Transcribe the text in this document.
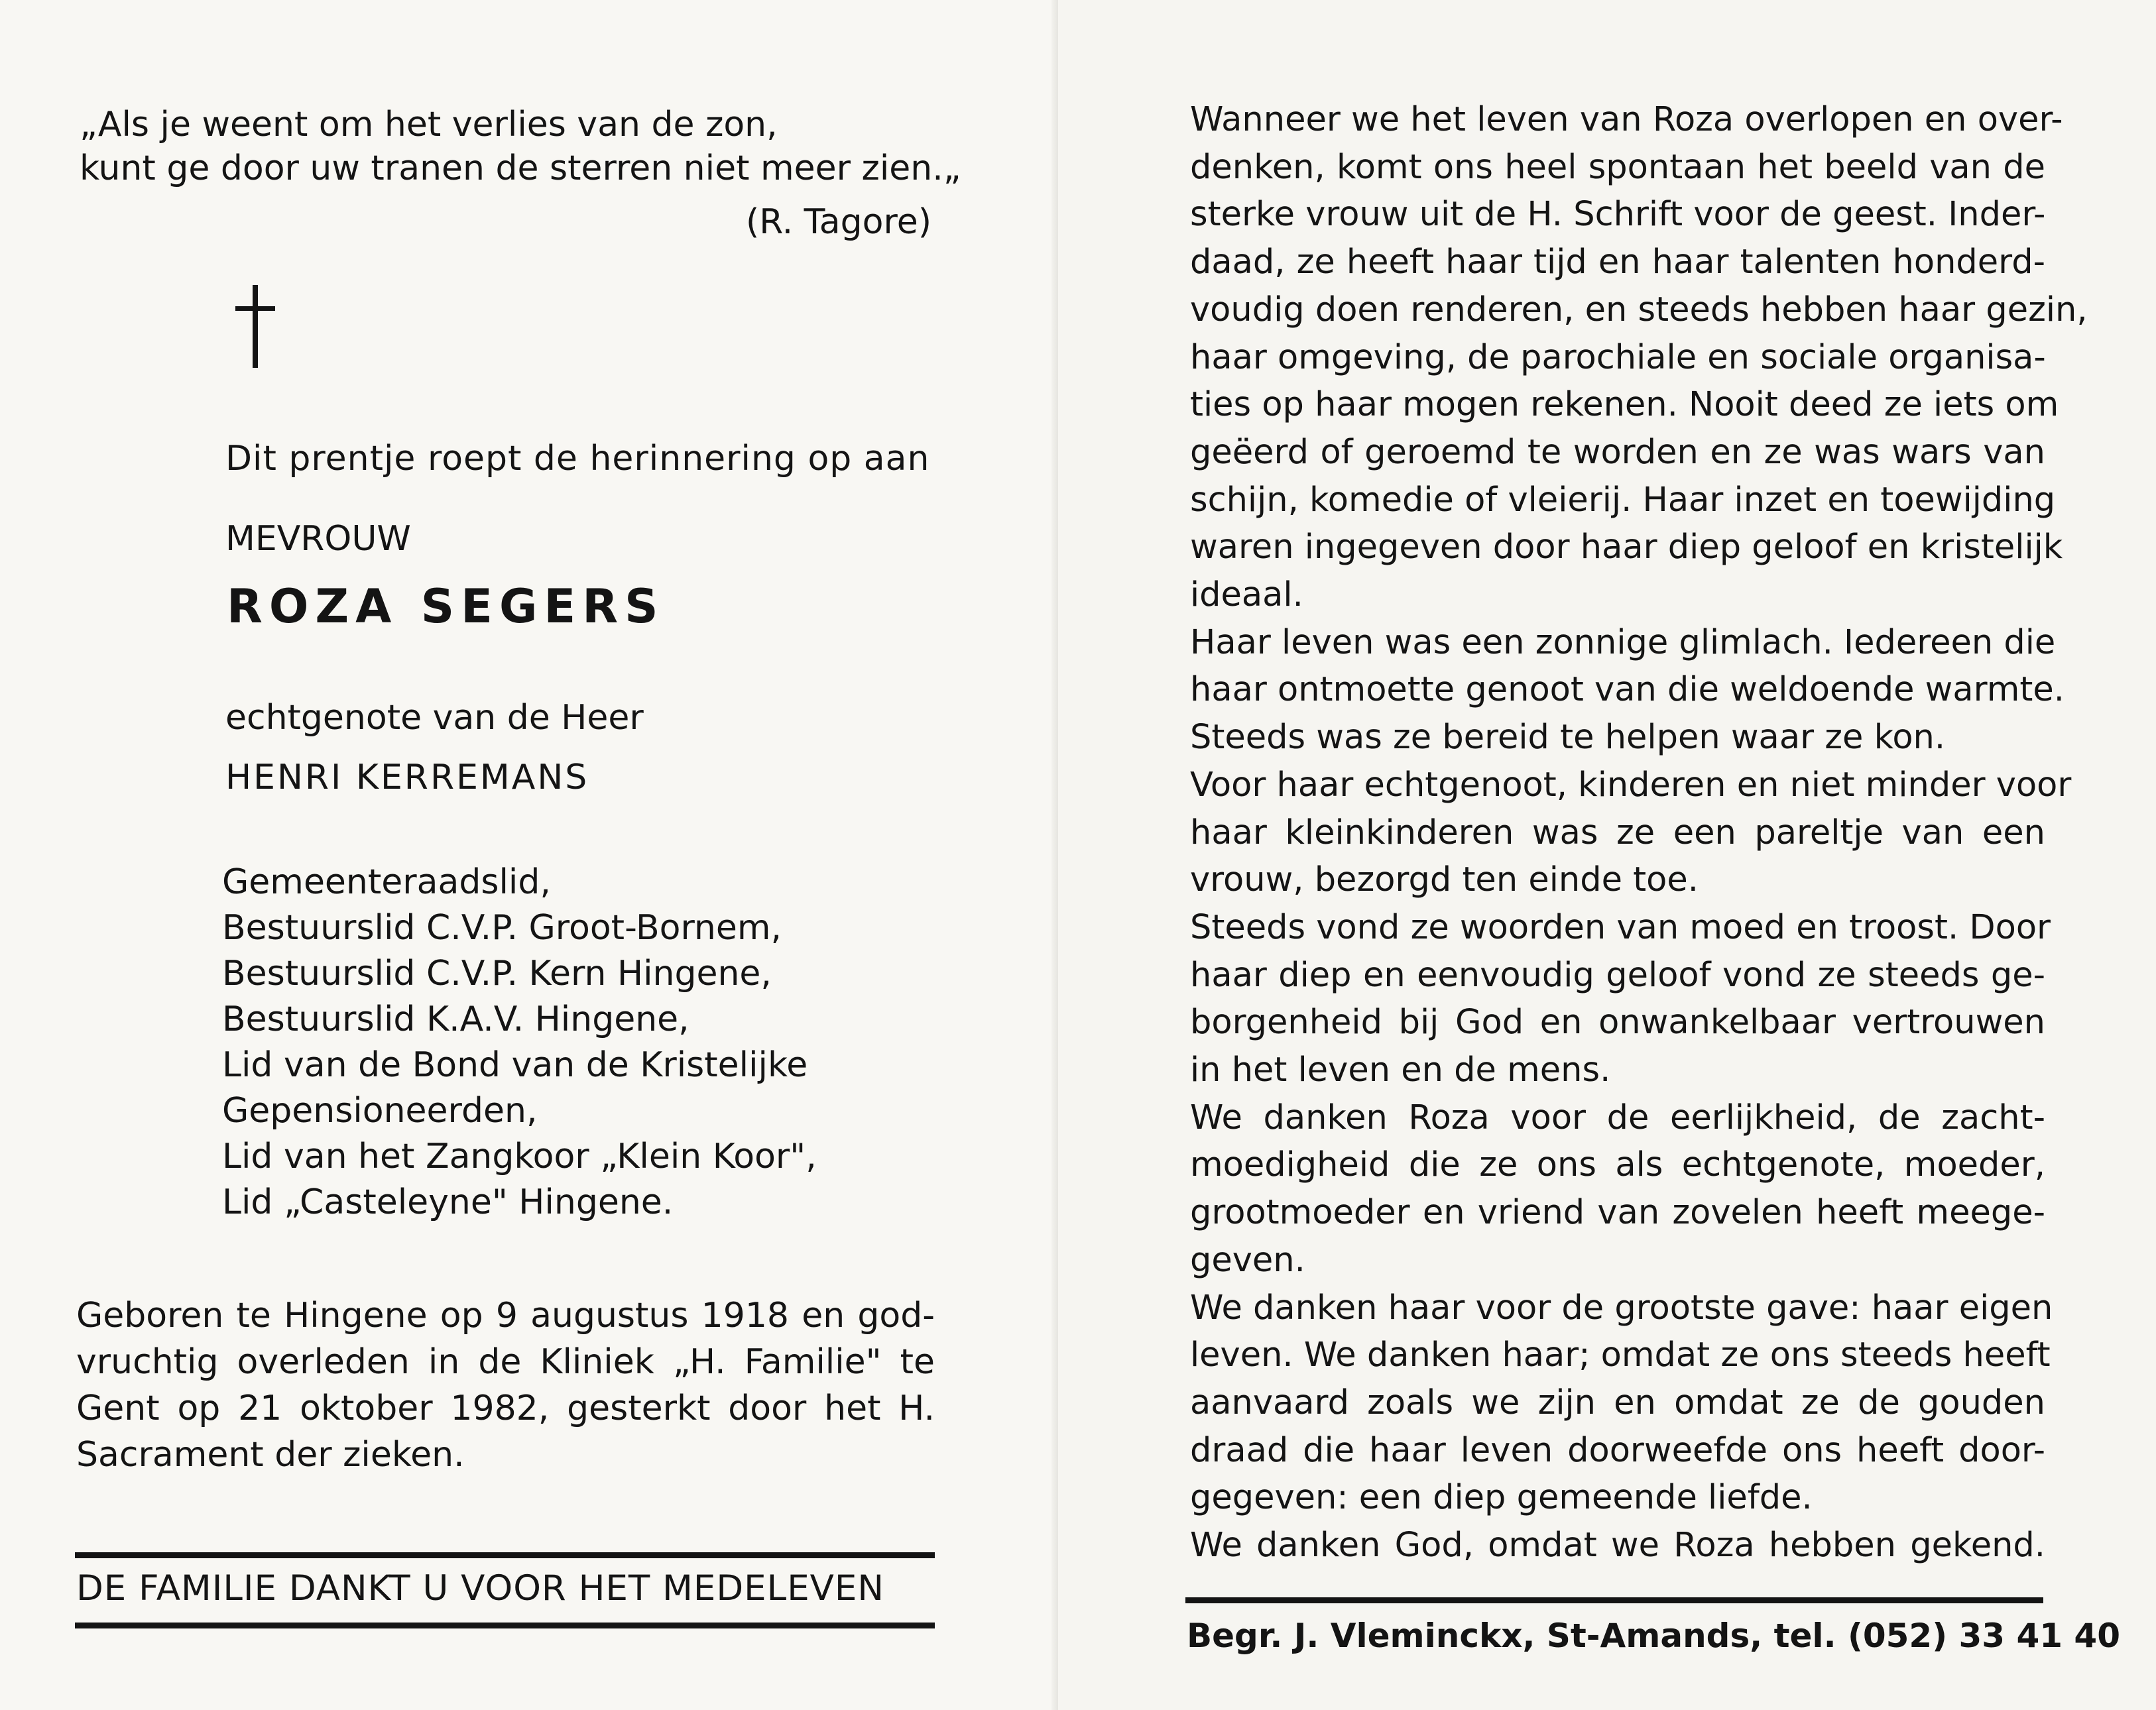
„Als je weent om het verlies van de zon,
kunt ge door uw tranen de sterren niet meer zien.„
(R. Tagore)
Dit prentje roept de herinnering op aan
MEVROUW
ROZA SEGERS
echtgenote van de Heer
HENRI KERREMANS
Gemeenteraadslid,
Bestuurslid C.V.P. Groot-Bornem,
Bestuurslid C.V.P. Kern Hingene,
Bestuurslid K.A.V. Hingene,
Lid van de Bond van de Kristelijke
Gepensioneerden,
Lid van het Zangkoor „Klein Koor",
Lid „Casteleyne" Hingene.
Geboren te Hingene op 9 augustus 1918 en god-
vruchtig overleden in de Kliniek „H. Familie" te
Gent op 21 oktober 1982, gesterkt door het H.
Sacrament der zieken.
DE FAMILIE DANKT U VOOR HET MEDELEVEN
Wanneer we het leven van Roza overlopen en over-
denken, komt ons heel spontaan het beeld van de
sterke vrouw uit de H. Schrift voor de geest. Inder-
daad, ze heeft haar tijd en haar talenten honderd-
voudig doen renderen, en steeds hebben haar gezin,
haar omgeving, de parochiale en sociale organisa-
ties op haar mogen rekenen. Nooit deed ze iets om
geëerd of geroemd te worden en ze was wars van
schijn, komedie of vleierij. Haar inzet en toewijding
waren ingegeven door haar diep geloof en kristelijk
ideaal.
Haar leven was een zonnige glimlach. Iedereen die
haar ontmoette genoot van die weldoende warmte.
Steeds was ze bereid te helpen waar ze kon.
Voor haar echtgenoot, kinderen en niet minder voor
haar kleinkinderen was ze een pareltje van een
vrouw, bezorgd ten einde toe.
Steeds vond ze woorden van moed en troost. Door
haar diep en eenvoudig geloof vond ze steeds ge-
borgenheid bij God en onwankelbaar vertrouwen
in het leven en de mens.
We danken Roza voor de eerlijkheid, de zacht-
moedigheid die ze ons als echtgenote, moeder,
grootmoeder en vriend van zovelen heeft meege-
geven.
We danken haar voor de grootste gave: haar eigen
leven. We danken haar; omdat ze ons steeds heeft
aanvaard zoals we zijn en omdat ze de gouden
draad die haar leven doorweefde ons heeft door-
gegeven: een diep gemeende liefde.
We danken God, omdat we Roza hebben gekend.
Begr. J. Vleminckx, St-Amands, tel. (052) 33 41 40
